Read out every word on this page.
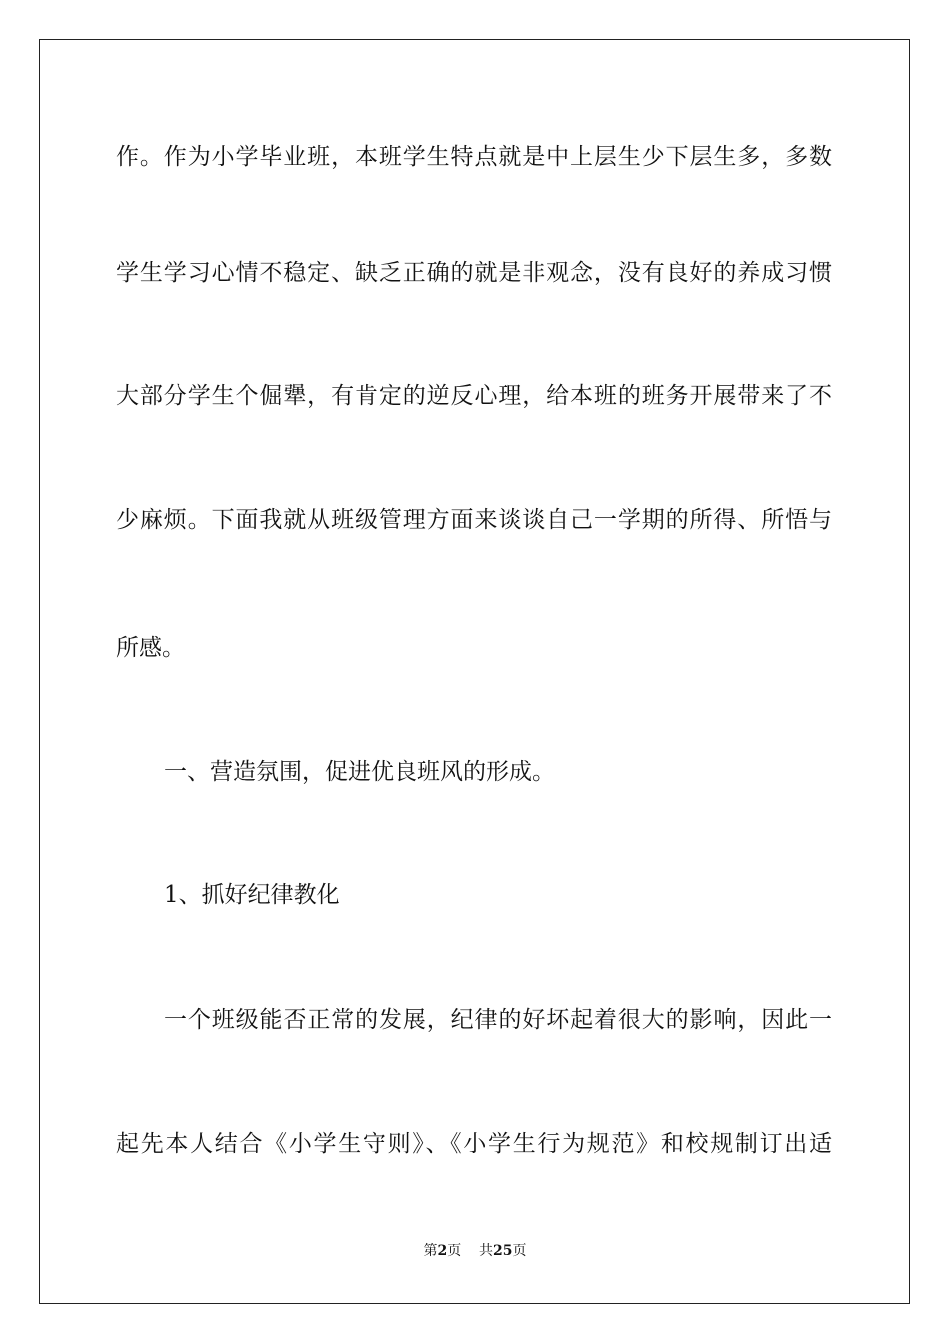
作。作为小学毕业班，本班学生特点就是中上层生少下层生多，多数
学生学习心情不稳定、缺乏正确的就是非观念，没有良好的养成习惯
大部分学生个倔犟，有肯定的逆反心理，给本班的班务开展带来了不
少麻烦。下面我就从班级管理方面来谈谈自己一学期的所得、所悟与
所感。
一、营造氛围，促进优良班风的形成。
1、抓好纪律教化
一个班级能否正常的发展，纪律的好坏起着很大的影响，因此一
起先本人结合《小学生守则》、《小学生行为规范》和校规制订出适
第2页 共25页
